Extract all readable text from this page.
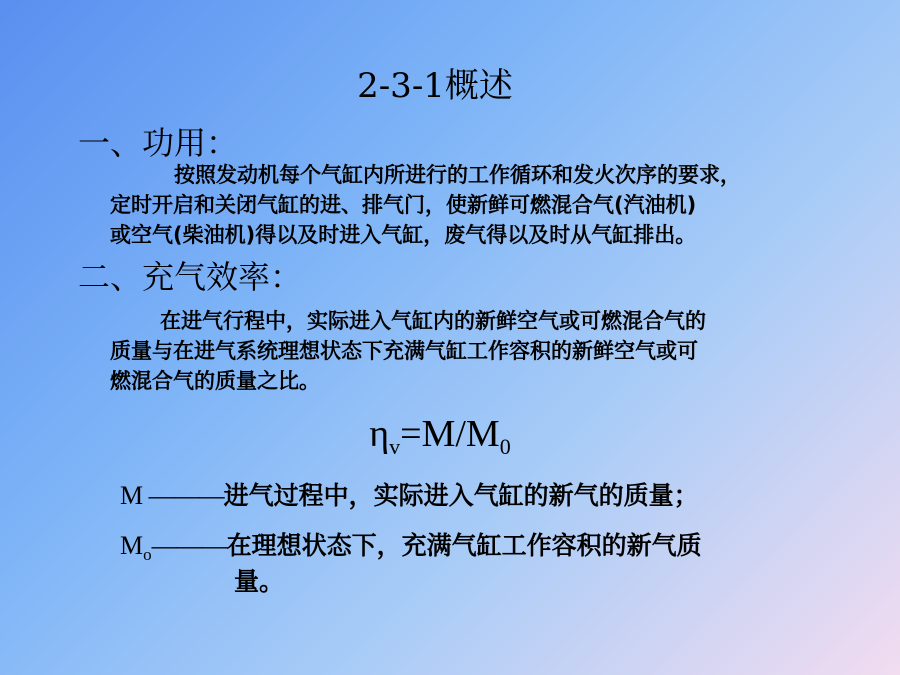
2-3-1概述
一、功用：
按照发动机每个气缸内所进行的工作循环和发火次序的要求，
定时开启和关闭气缸的进、排气门，使新鲜可燃混合气(汽油机)
或空气(柴油机)得以及时进入气缸，废气得以及时从气缸排出。
二、充气效率：
在进气行程中，实际进入气缸内的新鲜空气或可燃混合气的
质量与在进气系统理想状态下充满气缸工作容积的新鲜空气或可
燃混合气的质量之比。
$\eta_v=M/M_0$
M ———进气过程中，实际进入气缸的新气的质量；
$M_o———$在理想状态下，充满气缸工作容积的新气质
量。
